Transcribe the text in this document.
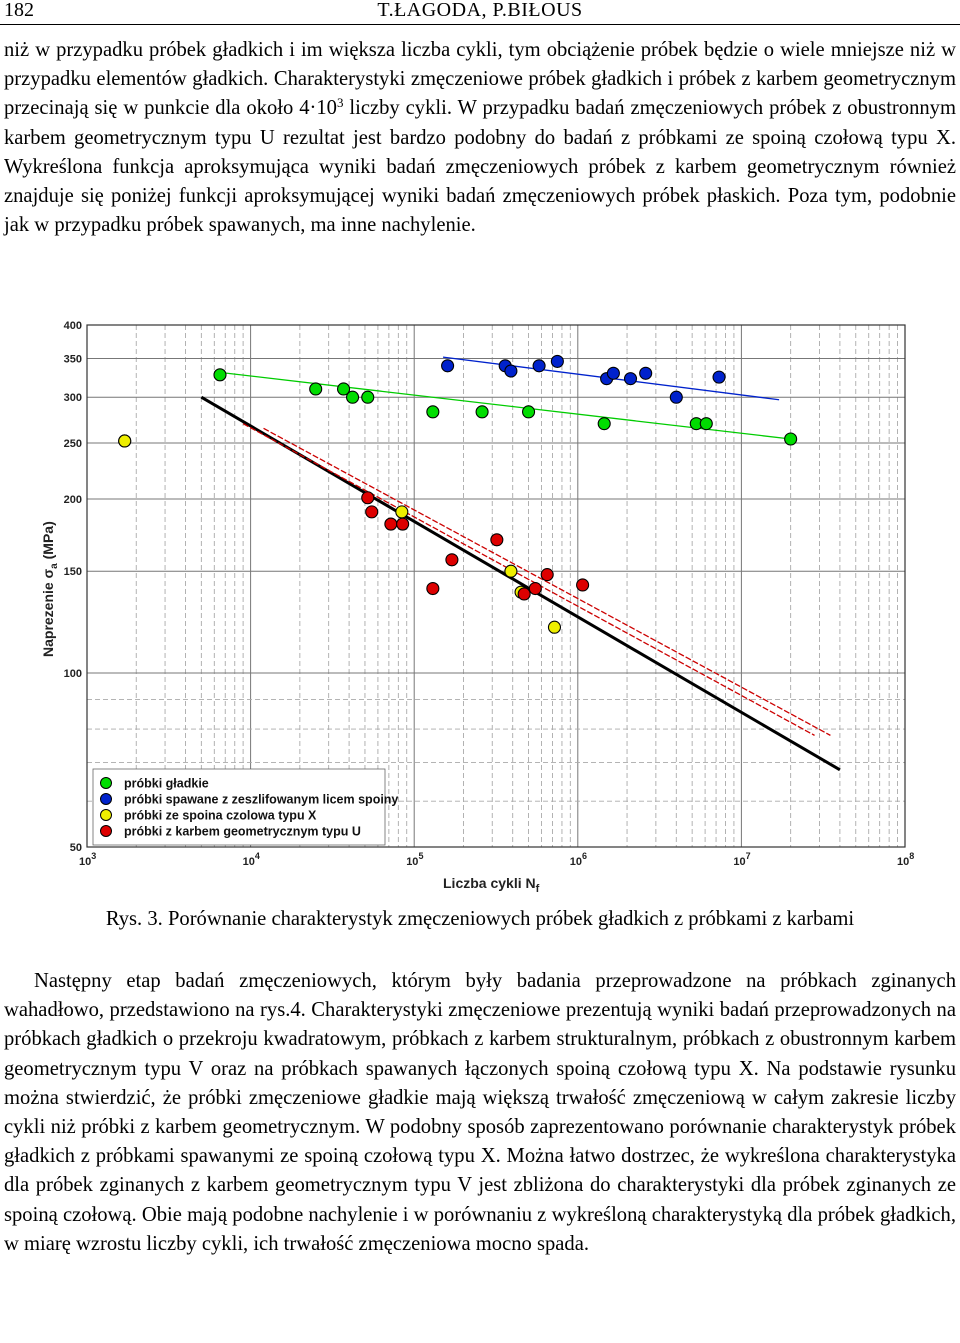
182	T.ŁAGODA, P.BIŁOUS

niż w przypadku próbek gładkich i im większa liczba cykli, tym obciążenie próbek będzie o wiele mniejsze niż w przypadku elementów gładkich. Charakterystyki zmęczeniowe próbek gładkich i próbek z karbem geometrycznym przecinają się w punkcie dla około $4\cdot 10^3$ liczby cykli. W przypadku badań zmęczeniowych próbek z obustronnym karbem geometrycznym typu U rezultat jest bardzo podobny do badań z próbkami ze spoiną czołową typu X. Wykreślona funkcja aproksymująca wyniki badań zmęczeniowych próbek z karbem geometrycznym również znajduje się poniżej funkcji aproksymującej wyniki badań zmęczeniowych próbek płaskich. Poza tym, podobnie jak w przypadku próbek spawanych, ma inne nachylenie.

50
100
150
200
250
300
350
400
$10^3$	$10^4$	$10^5$	$10^6$	$10^7$	$10^8$
Liczba cykli $N_f$
Naprezenie $\sigma_a$ (MPa)
próbki gładkie
próbki spawane z zeszlifowanym licem spoiny
próbki ze spoina czolowa typu X
próbki z karbem geometrycznym typu U
Rys. 3. Porównanie charakterystyk zmęczeniowych próbek gładkich z próbkami z karbami

Następny etap badań zmęczeniowych, którym były badania przeprowadzone na próbkach zginanych wahadłowo, przedstawiono na rys.4. Charakterystyki zmęczeniowe prezentują wyniki badań przeprowadzonych na próbkach gładkich o przekroju kwadratowym, próbkach z karbem strukturalnym, próbkach z obustronnym karbem geometrycznym typu V oraz na próbkach spawanych łączonych spoiną czołową typu X. Na podstawie rysunku można stwierdzić, że próbki zmęczeniowe gładkie mają większą trwałość zmęczeniową w całym zakresie liczby cykli niż próbki z karbem geometrycznym. W podobny sposób zaprezentowano porównanie charakterystyk próbek gładkich z próbkami spawanymi ze spoiną czołową typu X. Można łatwo dostrzec, że wykreślona charakterystyka dla próbek zginanych z karbem geometrycznym typu V jest zbliżona do charakterystyki dla próbek zginanych ze spoiną czołową. Obie mają podobne nachylenie i w porównaniu z wykreśloną charakterystyką dla próbek gładkich, w miarę wzrostu liczby cykli, ich trwałość zmęczeniowa mocno spada.
